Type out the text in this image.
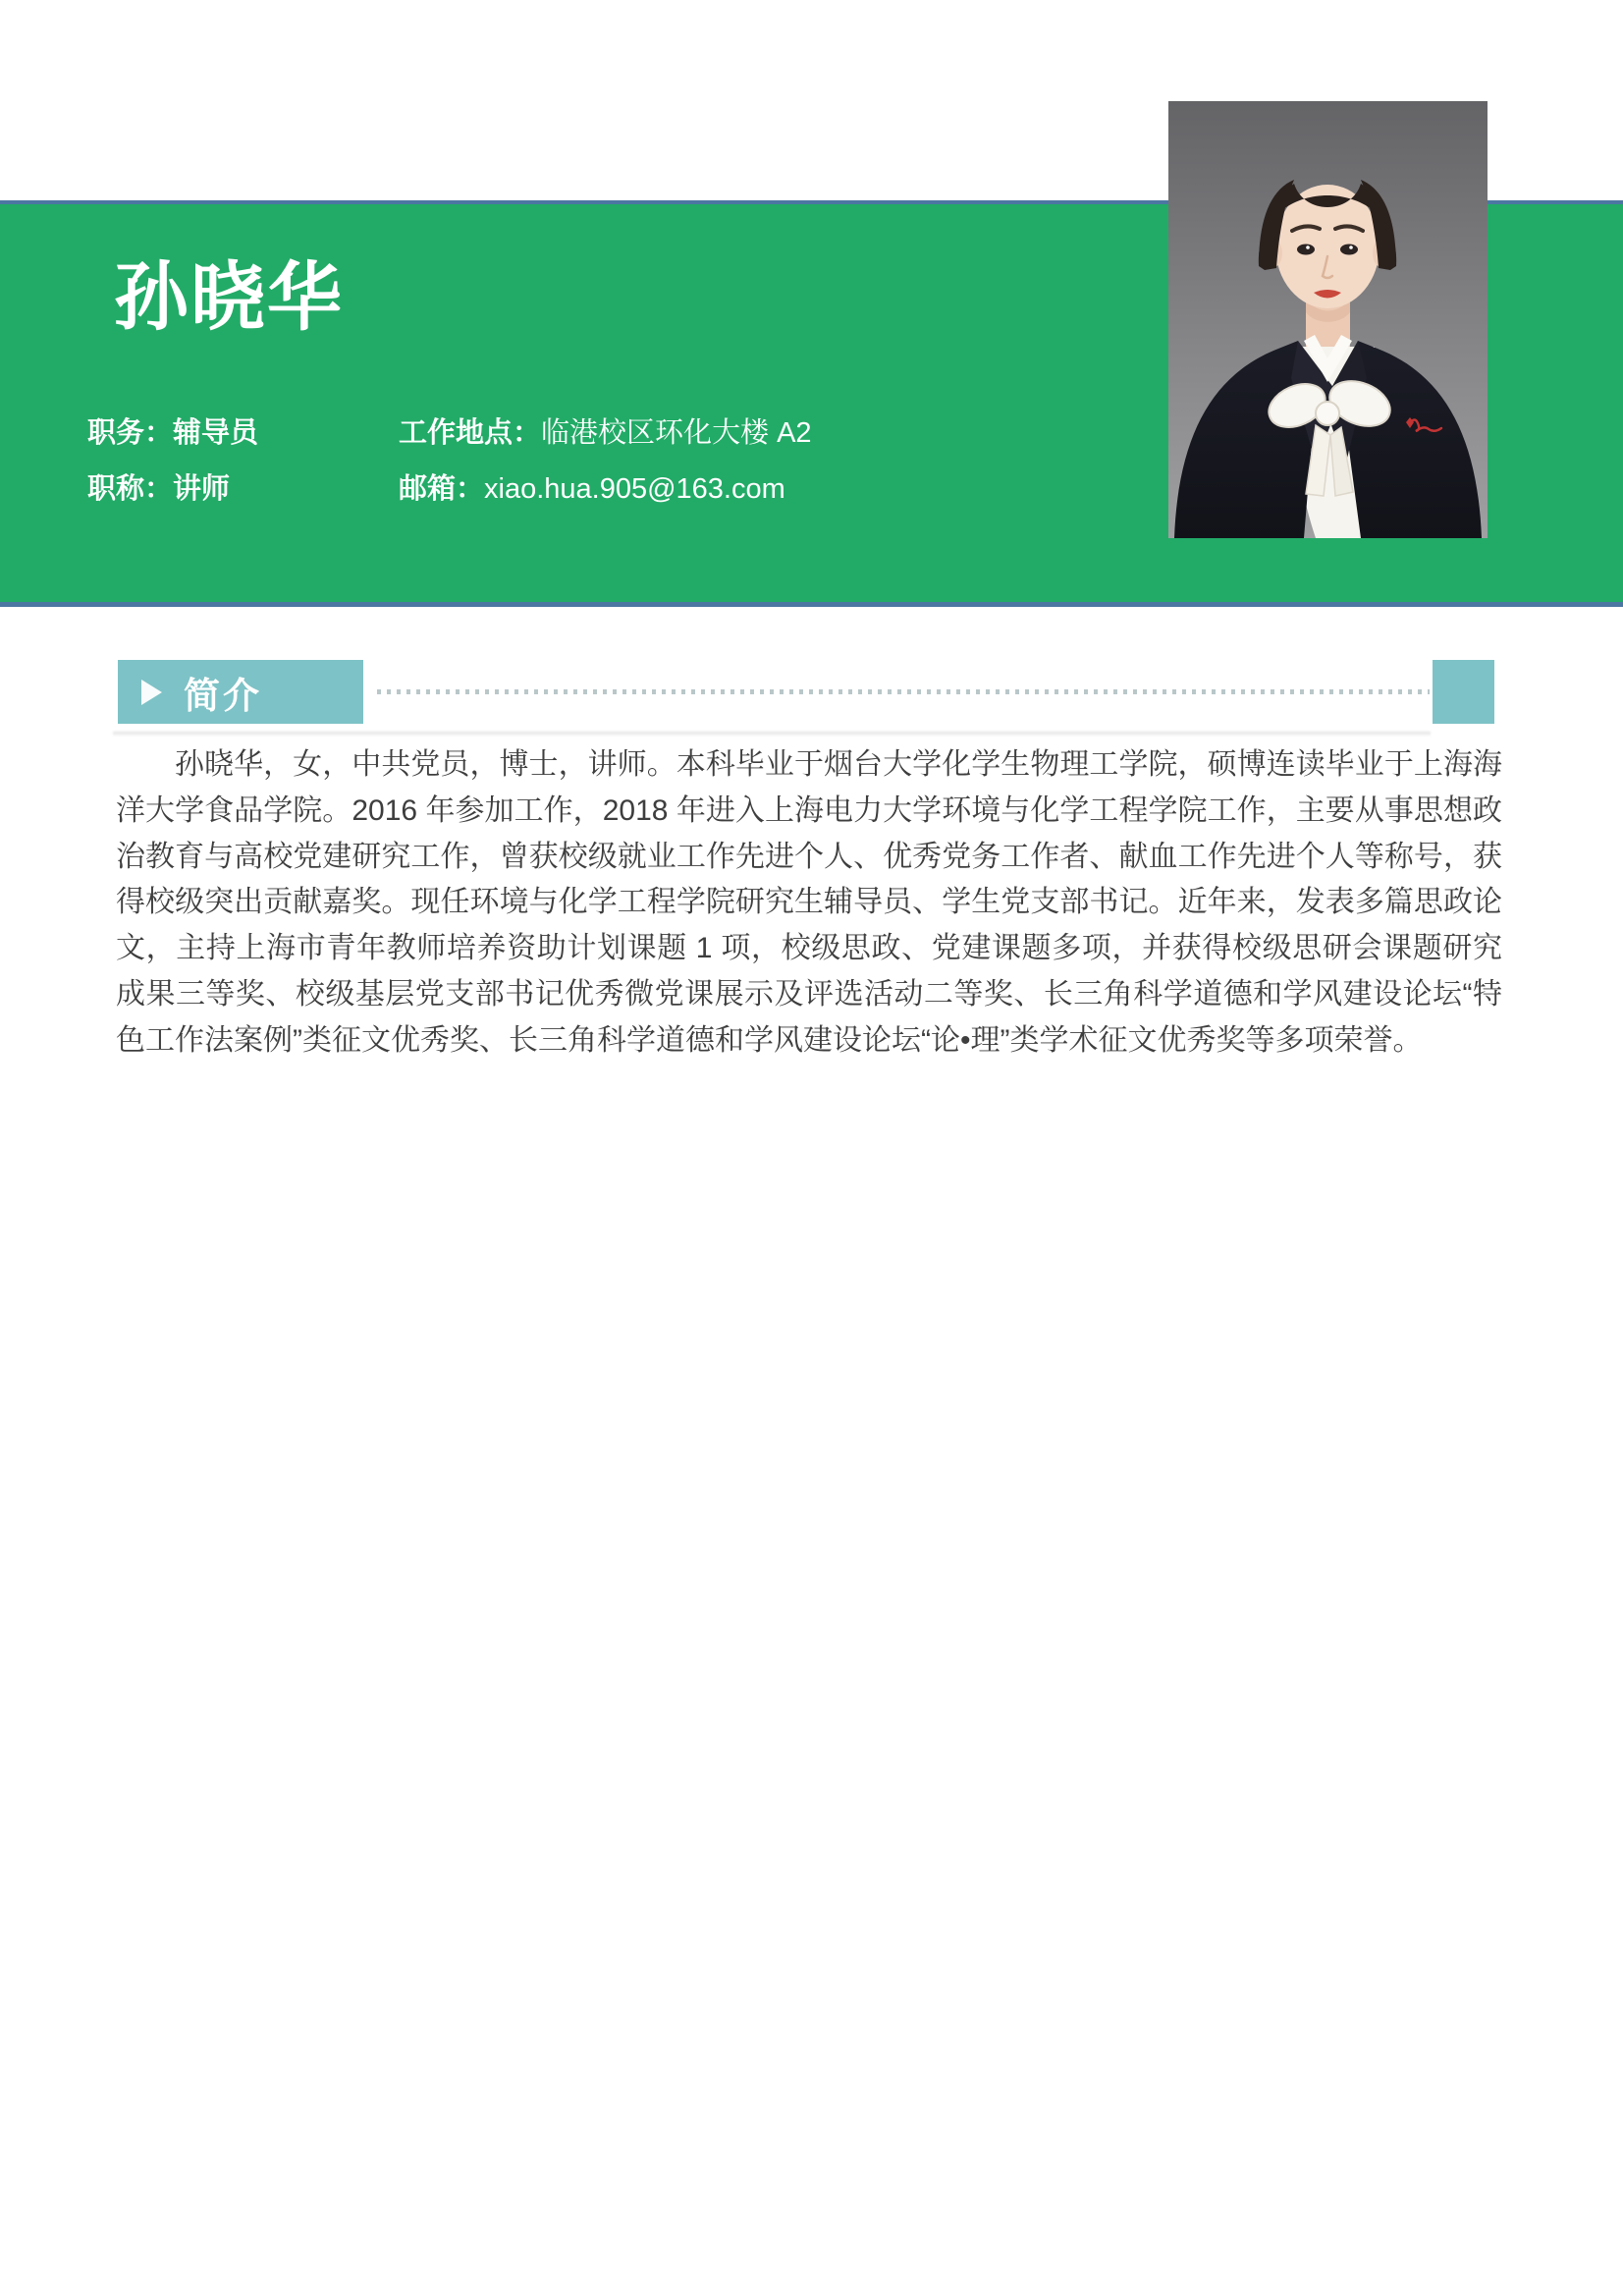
孙晓华
职务：辅导员	工作地点：临港校区环化大楼 A2
职称：讲师	邮箱：xiao.hua.905@163.com
简介

孙晓华，女，中共党员，博士，讲师。本科毕业于烟台大学化学生物理工学院，硕博连读毕业于上海海洋大学食品学院。2016 年参加工作，2018 年进入上海电力大学环境与化学工程学院工作，主要从事思想政治教育与高校党建研究工作，曾获校级就业工作先进个人、优秀党务工作者、献血工作先进个人等称号，获得校级突出贡献嘉奖。现任环境与化学工程学院研究生辅导员、学生党支部书记。近年来，发表多篇思政论文，主持上海市青年教师培养资助计划课题 1 项，校级思政、党建课题多项，并获得校级思研会课题研究成果三等奖、校级基层党支部书记优秀微党课展示及评选活动二等奖、长三角科学道德和学风建设论坛“特色工作法案例”类征文优秀奖、长三角科学道德和学风建设论坛“论•理”类学术征文优秀奖等多项荣誉。
